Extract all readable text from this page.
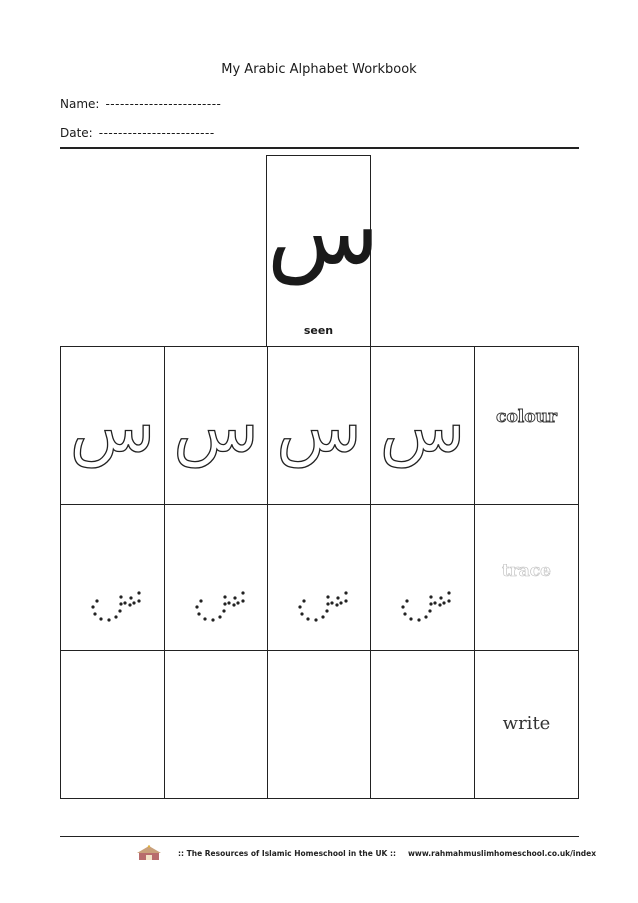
My Arabic Alphabet Workbook
Name: ------------------------
Date: ------------------------
س
seen
س س س س	colour
trace
write
:: The Resources of Islamic Homeschool in the UK :: www.rahmahmuslimhomeschool.co.uk/index
